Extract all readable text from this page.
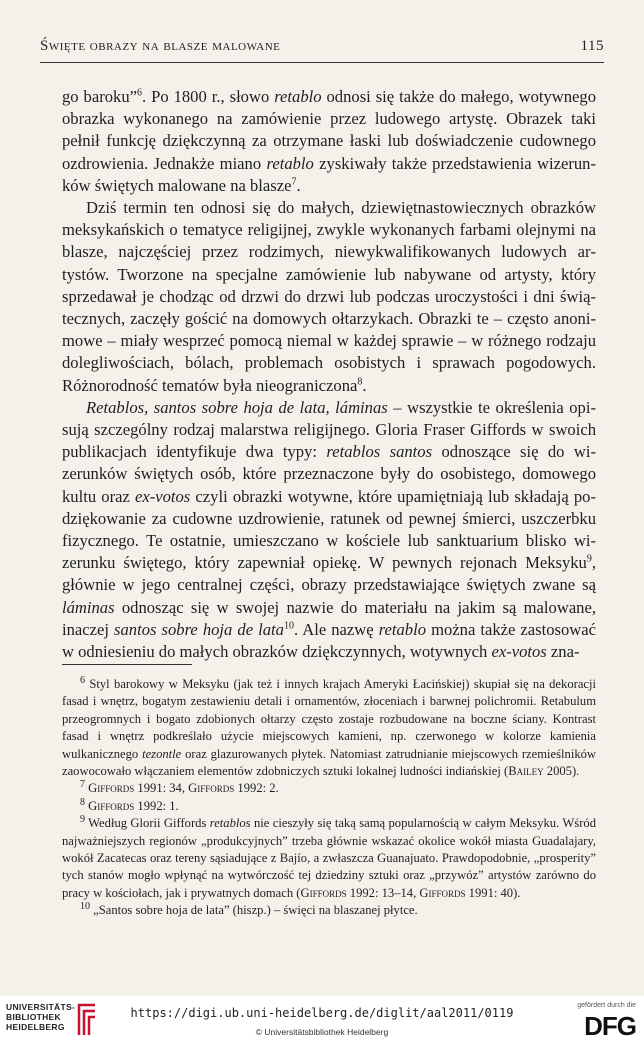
Święte obrazy na blasze malowane	115

go baroku”$^6$. Po 1800 r., słowo retablo odnosi się także do małego, wotywnego obrazka wykonanego na zamówienie przez ludowego artystę. Obrazek taki pełnił funkcję dziękczynną za otrzymane łaski lub doświadczenie cudownego ozdrowienia. Jednakże miano retablo zyskiwały także przedstawienia wizerunków świętych malowane na blasze$^7$.

Dziś termin ten odnosi się do małych, dziewiętnastowiecznych obrazków meksykańskich o tematyce religijnej, zwykle wykonanych farbami olejnymi na blasze, najczęściej przez rodzimych, niewykwalifikowanych ludowych artystów. Tworzone na specjalne zamówienie lub nabywane od artysty, który sprzedawał je chodząc od drzwi do drzwi lub podczas uroczystości i dni świątecznych, zaczęły gościć na domowych ołtarzykach. Obrazki te – często anonimowe – miały wesprzeć pomocą niemal w każdej sprawie – w różnego rodzaju dolegliwościach, bólach, problemach osobistych i sprawach pogodowych. Różnorodność tematów była nieograniczona$^8$.

Retablos, santos sobre hoja de lata, láminas – wszystkie te określenia opisują szczególny rodzaj malarstwa religijnego. Gloria Fraser Giffords w swoich publikacjach identyfikuje dwa typy: retablos santos odnoszące się do wizerunków świętych osób, które przeznaczone były do osobistego, domowego kultu oraz ex-votos czyli obrazki wotywne, które upamiętniają lub składają podziękowanie za cudowne uzdrowienie, ratunek od pewnej śmierci, uszczerbku fizycznego. Te ostatnie, umieszczano w kościele lub sanktuarium blisko wizerunku świętego, który zapewniał opiekę. W pewnych rejonach Meksyku$^9$, głównie w jego centralnej części, obrazy przedstawiające świętych zwane są láminas odnosząc się w swojej nazwie do materiału na jakim są malowane, inaczej santos sobre hoja de lata$^{10}$. Ale nazwę retablo można także zastosować w odniesieniu do małych obrazków dziękczynnych, wotywnych ex-votos zna-

$^6$ Styl barokowy w Meksyku (jak też i innych krajach Ameryki Łacińskiej) skupiał się na dekoracji fasad i wnętrz, bogatym zestawieniu detali i ornamentów, złoceniach i barwnej polichromii. Retabulum przeogromnych i bogato zdobionych ołtarzy często zostaje rozbudowane na boczne ściany. Kontrast fasad i wnętrz podkreślało użycie miejscowych kamieni, np. czerwonego w kolorze kamienia wulkanicznego tezontle oraz glazurowanych płytek. Natomiast zatrudnianie miejscowych rzemieślników zaowocowało włączaniem elementów zdobniczych sztuki lokalnej ludności indiańskiej (Bailey 2005).

$^7$ Giffords 1991: 34, Giffords 1992: 2.

$^8$ Giffords 1992: 1.

$^9$ Według Glorii Giffords retablos nie cieszyły się taką samą popularnością w całym Meksyku. Wśród najważniejszych regionów „produkcyjnych” trzeba głównie wskazać okolice wokół miasta Guadalajary, wokół Zacatecas oraz tereny sąsiadujące z Bajío, a zwłaszcza Guanajuato. Prawdopodobnie, „prosperity” tych stanów mogło wpłynąć na wytwórczość tej dziedziny sztuki oraz „przywóz” artystów zarówno do pracy w kościołach, jak i prywatnych domach (Giffords 1992: 13–14, Giffords 1991: 40).

$^{10}$ „Santos sobre hoja de lata” (hiszp.) – święci na blaszanej płytce.

UNIVERSITÄTS-
BIBLIOTHEK
HEIDELBERG
https://digi.ub.uni-heidelberg.de/diglit/aal2011/0119
© Universitätsbibliothek Heidelberg
gefördert durch die
DFG
